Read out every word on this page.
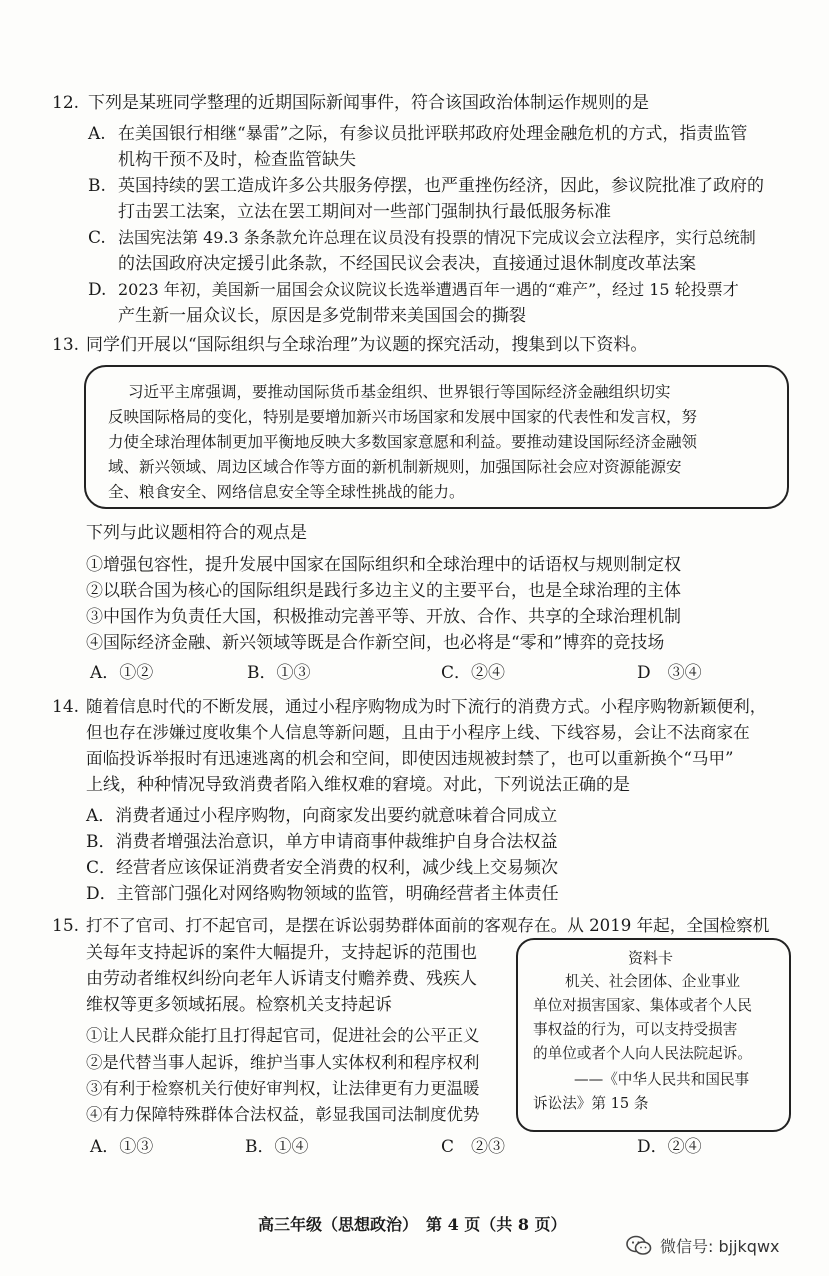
12. 下列是某班同学整理的近期国际新闻事件，符合该国政治体制运作规则的是
A. 在美国银行相继“暴雷”之际，有参议员批评联邦政府处理金融危机的方式，指责监管
机构干预不及时，检查监管缺失
B. 英国持续的罢工造成许多公共服务停摆，也严重挫伤经济，因此，参议院批准了政府的
打击罢工法案，立法在罢工期间对一些部门强制执行最低服务标准
C. 法国宪法第 49.3 条条款允许总理在议员没有投票的情况下完成议会立法程序，实行总统制
的法国政府决定援引此条款，不经国民议会表决，直接通过退休制度改革法案
D. 2023 年初，美国新一届国会众议院议长选举遭遇百年一遇的“难产”，经过 15 轮投票才
产生新一届众议长，原因是多党制带来美国国会的撕裂
13. 同学们开展以“国际组织与全球治理”为议题的探究活动，搜集到以下资料。
习近平主席强调，要推动国际货币基金组织、世界银行等国际经济金融组织切实
反映国际格局的变化，特别是要增加新兴市场国家和发展中国家的代表性和发言权，努
力使全球治理体制更加平衡地反映大多数国家意愿和利益。要推动建设国际经济金融领
域、新兴领域、周边区域合作等方面的新机制新规则，加强国际社会应对资源能源安
全、粮食安全、网络信息安全等全球性挑战的能力。
下列与此议题相符合的观点是
①增强包容性，提升发展中国家在国际组织和全球治理中的话语权与规则制定权
②以联合国为核心的国际组织是践行多边主义的主要平台，也是全球治理的主体
③中国作为负责任大国，积极推动完善平等、开放、合作、共享的全球治理机制
④国际经济金融、新兴领域等既是合作新空间，也必将是“零和”博弈的竞技场
A．①②	B．①③	C．②④	D　③④
14. 随着信息时代的不断发展，通过小程序购物成为时下流行的消费方式。小程序购物新颖便利，
但也存在涉嫌过度收集个人信息等新问题，且由于小程序上线、下线容易，会让不法商家在
面临投诉举报时有迅速逃离的机会和空间，即使因违规被封禁了，也可以重新换个“马甲”
上线，种种情况导致消费者陷入维权难的窘境。对此，下列说法正确的是
A．消费者通过小程序购物，向商家发出要约就意味着合同成立
B．消费者增强法治意识，单方申请商事仲裁维护自身合法权益
C．经营者应该保证消费者安全消费的权利，减少线上交易频次
D．主管部门强化对网络购物领域的监管，明确经营者主体责任
15. 打不了官司、打不起官司，是摆在诉讼弱势群体面前的客观存在。从 2019 年起，全国检察机
关每年支持起诉的案件大幅提升，支持起诉的范围也
由劳动者维权纠纷向老年人诉请支付赡养费、残疾人
维权等更多领域拓展。检察机关支持起诉
①让人民群众能打且打得起官司，促进社会的公平正义
②是代替当事人起诉，维护当事人实体权利和程序权利
③有利于检察机关行使好审判权，让法律更有力更温暖
④有力保障特殊群体合法权益，彰显我国司法制度优势
资料卡
机关、社会团体、企业事业
单位对损害国家、集体或者个人民
事权益的行为，可以支持受损害
的单位或者个人向人民法院起诉。
——《中华人民共和国民事
诉讼法》第 15 条
A．①③	B．①④	C　②③	D．②④
高三年级（思想政治）　第 4 页（共 8 页）
微信号: bjjkqwx
